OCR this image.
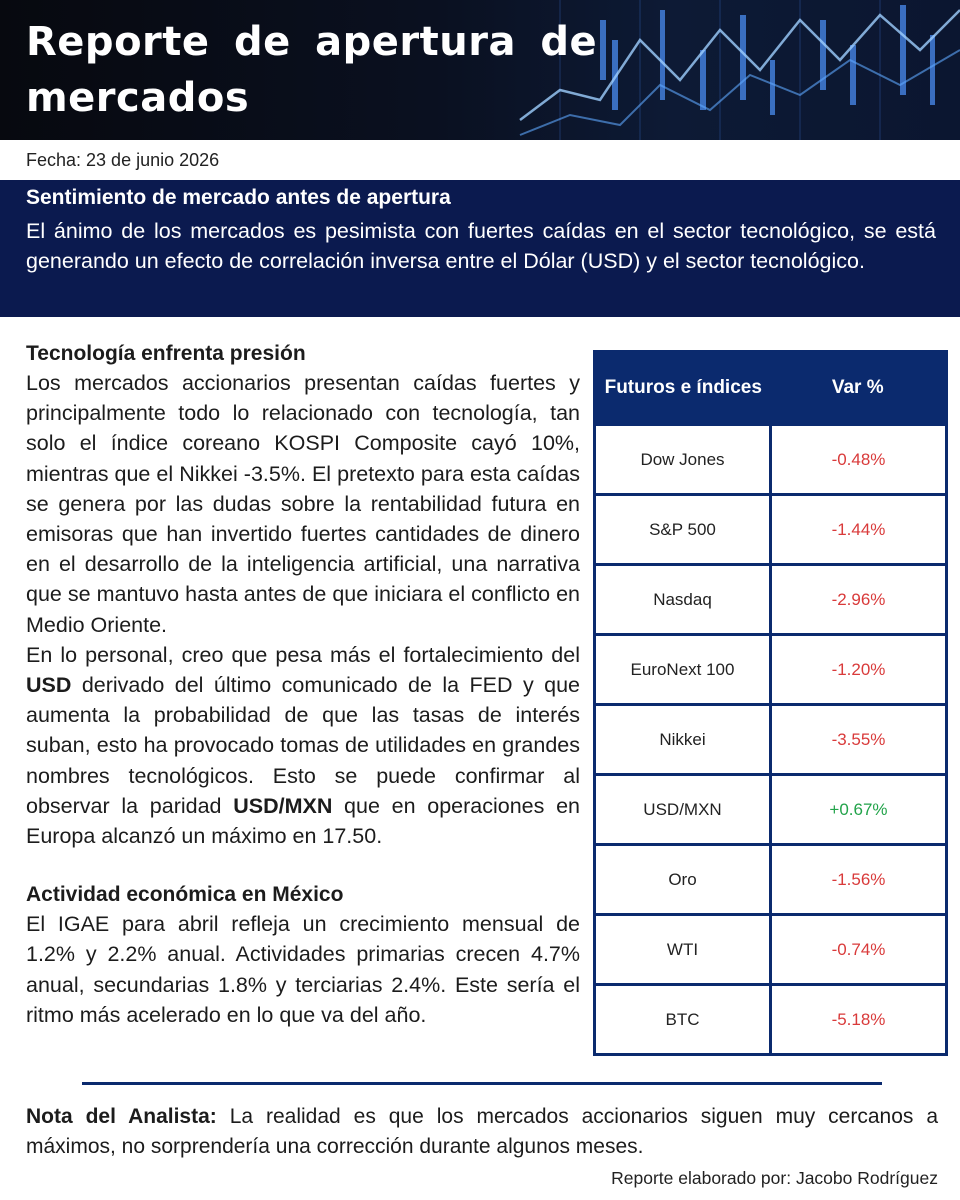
Reporte de apertura de mercados
Fecha: 23 de junio 2026
Sentimiento de mercado antes de apertura

El ánimo de los mercados es pesimista con fuertes caídas en el sector tecnológico, se está generando un efecto de correlación inversa entre el Dólar (USD) y el sector tecnológico.

Tecnología enfrenta presión

Los mercados accionarios presentan caídas fuertes y principalmente todo lo relacionado con tecnología, tan solo el índice coreano KOSPI Composite cayó 10%, mientras que el Nikkei -3.5%. El pretexto para esta caídas se genera por las dudas sobre la rentabilidad futura en emisoras que han invertido fuertes cantidades de dinero en el desarrollo de la inteligencia artificial, una narrativa que se mantuvo hasta antes de que iniciara el conflicto en Medio Oriente.

En lo personal, creo que pesa más el fortalecimiento del USD derivado del último comunicado de la FED y que aumenta la probabilidad de que las tasas de interés suban, esto ha provocado tomas de utilidades en grandes nombres tecnológicos. Esto se puede confirmar al observar la paridad USD/MXN que en operaciones en Europa alcanzó un máximo en 17.50.

Actividad económica en México

El IGAE para abril refleja un crecimiento mensual de 1.2% y 2.2% anual. Actividades primarias crecen 4.7% anual, secundarias 1.8% y terciarias 2.4%. Este sería el ritmo más acelerado en lo que va del año.

Futuros e índices	Var %
Dow Jones	-0.48%
S&P 500	-1.44%
Nasdaq	-2.96%
EuroNext 100	-1.20%
Nikkei	-3.55%
USD/MXN	+0.67%
Oro	-1.56%
WTI	-0.74%
BTC	-5.18%
Nota del Analista: La realidad es que los mercados accionarios siguen muy cercanos a máximos, no sorprendería una corrección durante algunos meses.
Reporte elaborado por: Jacobo Rodríguez
